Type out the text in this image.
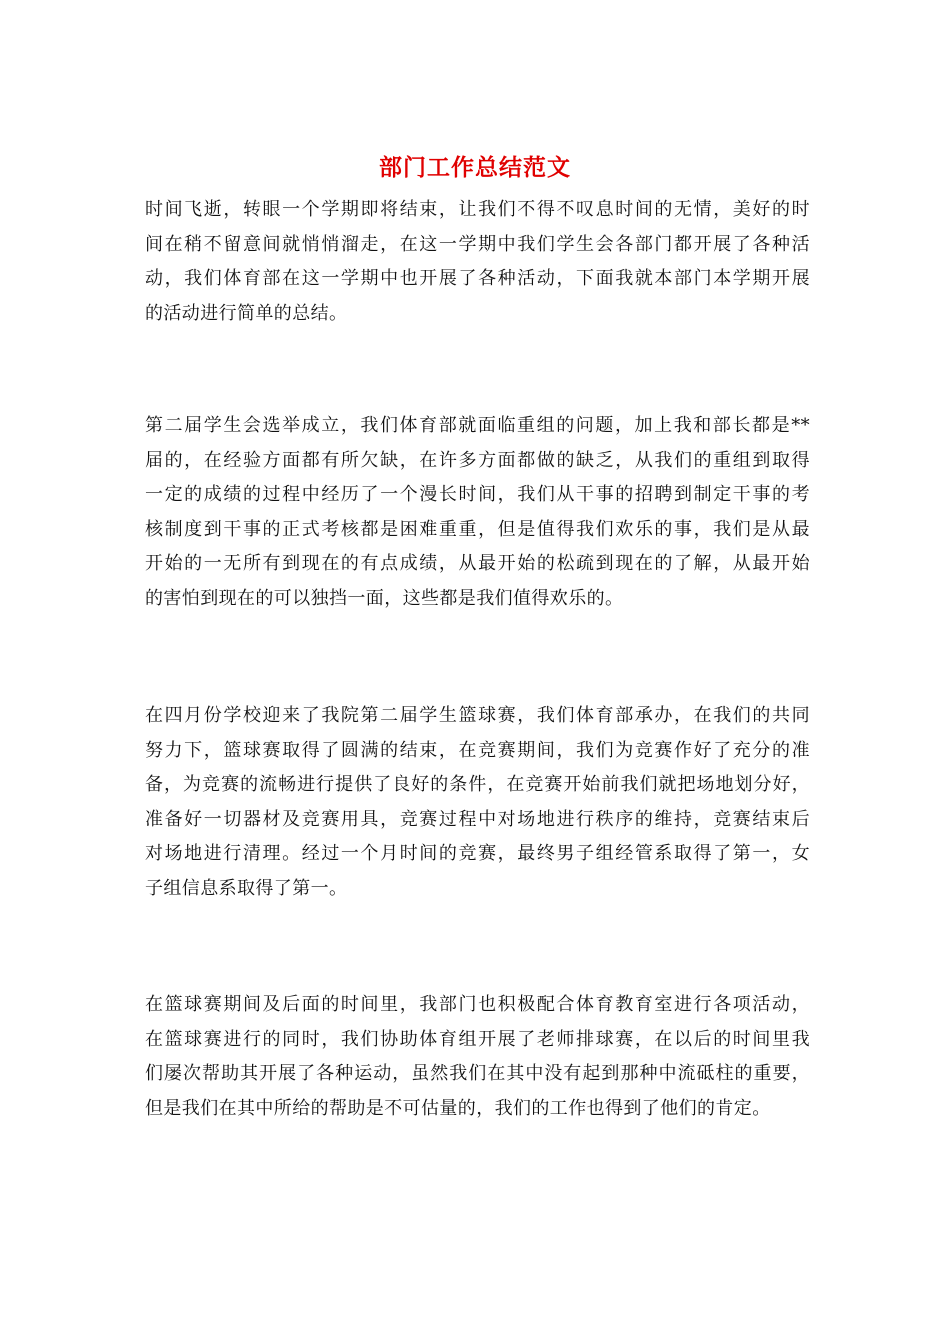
部门工作总结范文
时间飞逝，转眼一个学期即将结束，让我们不得不叹息时间的无情，美好的时
间在稍不留意间就悄悄溜走，在这一学期中我们学生会各部门都开展了各种活
动，我们体育部在这一学期中也开展了各种活动，下面我就本部门本学期开展
的活动进行简单的总结。
第二届学生会选举成立，我们体育部就面临重组的问题，加上我和部长都是**
届的，在经验方面都有所欠缺，在许多方面都做的缺乏，从我们的重组到取得
一定的成绩的过程中经历了一个漫长时间，我们从干事的招聘到制定干事的考
核制度到干事的正式考核都是困难重重，但是值得我们欢乐的事，我们是从最
开始的一无所有到现在的有点成绩，从最开始的松疏到现在的了解，从最开始
的害怕到现在的可以独挡一面，这些都是我们值得欢乐的。
在四月份学校迎来了我院第二届学生篮球赛，我们体育部承办，在我们的共同
努力下，篮球赛取得了圆满的结束，在竞赛期间，我们为竞赛作好了充分的准
备，为竞赛的流畅进行提供了良好的条件，在竞赛开始前我们就把场地划分好，
准备好一切器材及竞赛用具，竞赛过程中对场地进行秩序的维持，竞赛结束后
对场地进行清理。经过一个月时间的竞赛，最终男子组经管系取得了第一，女
子组信息系取得了第一。
在篮球赛期间及后面的时间里，我部门也积极配合体育教育室进行各项活动，
在篮球赛进行的同时，我们协助体育组开展了老师排球赛，在以后的时间里我
们屡次帮助其开展了各种运动，虽然我们在其中没有起到那种中流砥柱的重要，
但是我们在其中所给的帮助是不可估量的，我们的工作也得到了他们的肯定。
